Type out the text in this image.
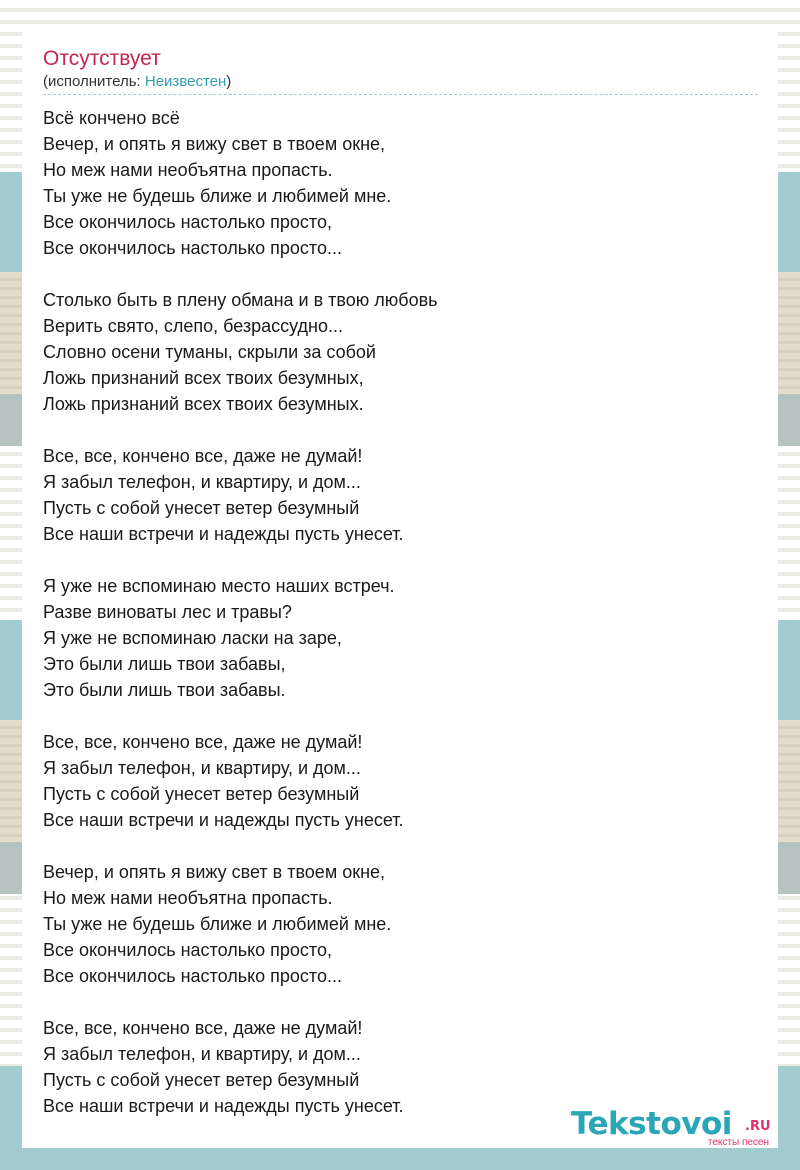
Отсутствует
(исполнитель: Неизвестен)
Всё кончено всё
Вечер, и опять я вижу свет в твоем окне,
Но меж нами необъятна пропасть.
Ты уже не будешь ближе и любимей мне.
Все окончилось настолько просто,
Все окончилось настолько просто...
Столько быть в плену обмана и в твою любовь
Верить свято, слепо, безрассудно...
Словно осени туманы, скрыли за собой
Ложь признаний всех твоих безумных,
Ложь признаний всех твоих безумных.
Все, все, кончено все, даже не думай!
Я забыл телефон, и квартиру, и дом...
Пусть с собой унесет ветер безумный
Все наши встречи и надежды пусть унесет.
Я уже не вспоминаю место наших встреч.
Разве виноваты лес и травы?
Я уже не вспоминаю ласки на заре,
Это были лишь твои забавы,
Это были лишь твои забавы.
Все, все, кончено все, даже не думай!
Я забыл телефон, и квартиру, и дом...
Пусть с собой унесет ветер безумный
Все наши встречи и надежды пусть унесет.
Вечер, и опять я вижу свет в твоем окне,
Но меж нами необъятна пропасть.
Ты уже не будешь ближе и любимей мне.
Все окончилось настолько просто,
Все окончилось настолько просто...
Все, все, кончено все, даже не думай!
Я забыл телефон, и квартиру, и дом...
Пусть с собой унесет ветер безумный
Все наши встречи и надежды пусть унесет.	Tekstovoi .RU
тексты песен
